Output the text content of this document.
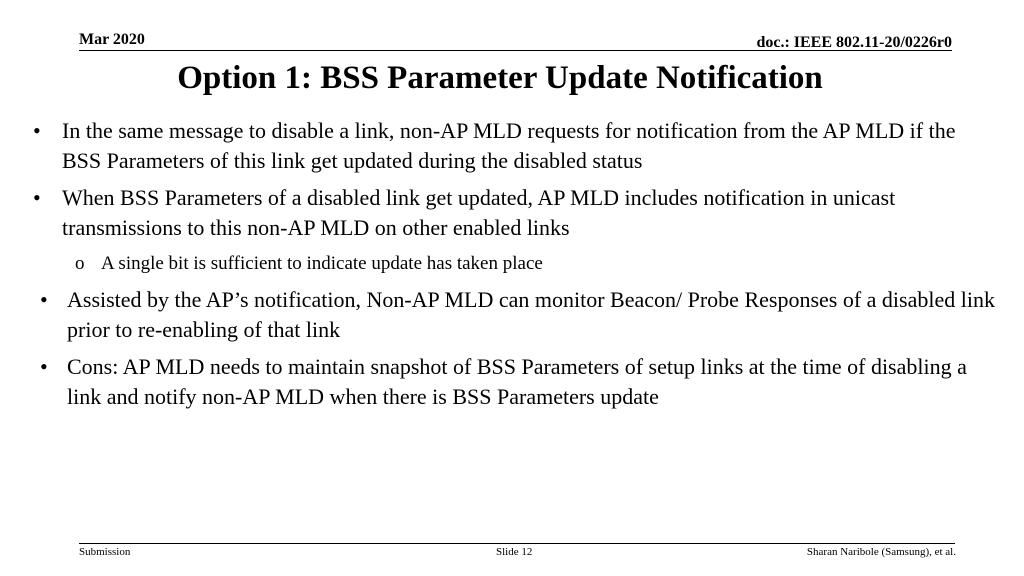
Mar 2020	doc.: IEEE 802.11-20/0226r0
Option 1: BSS Parameter Update Notification
• In the same message to disable a link, non-AP MLD requests for notification from the AP MLD if the BSS Parameters of this link get updated during the disabled status
• When BSS Parameters of a disabled link get updated, AP MLD includes notification in unicast transmissions to this non-AP MLD on other enabled links
o A single bit is sufficient to indicate update has taken place
• Assisted by the AP’s notification, Non-AP MLD can monitor Beacon/ Probe Responses of a disabled link prior to re-enabling of that link
• Cons: AP MLD needs to maintain snapshot of BSS Parameters of setup links at the time of disabling a link and notify non-AP MLD when there is BSS Parameters update
Submission	Slide 12	Sharan Naribole (Samsung), et al.
